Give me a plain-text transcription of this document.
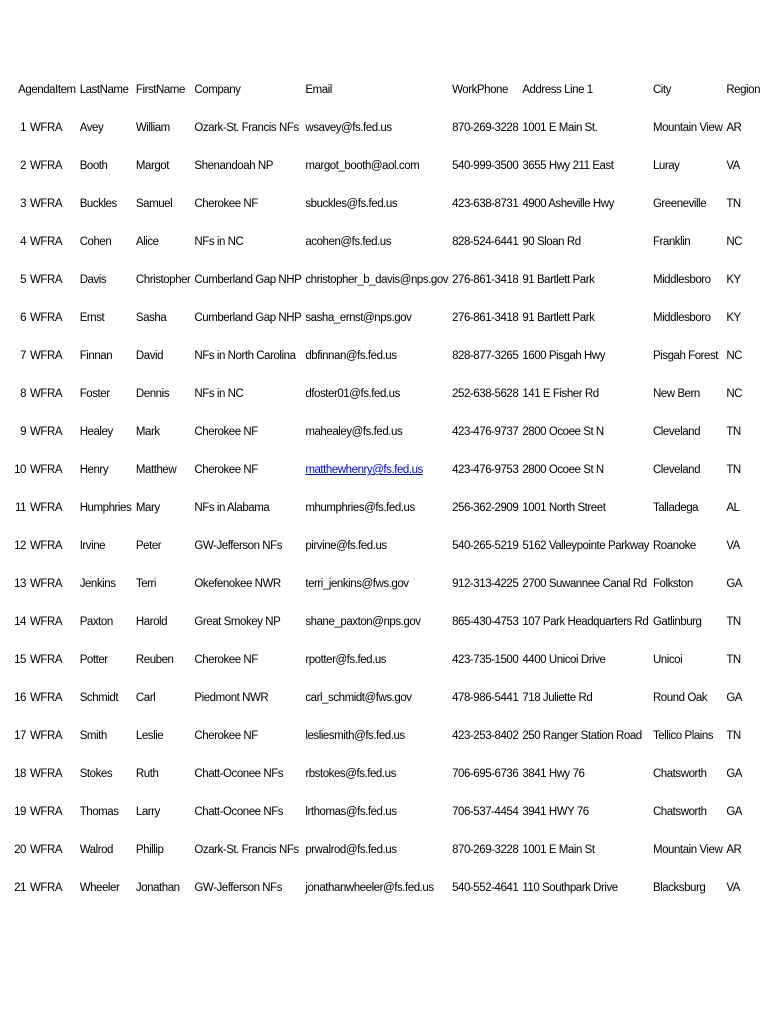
AgendaItem		LastName	FirstName	Company	Email	WorkPhone	Address Line 1	City	Region
1	WFRA	Avey	William	Ozark-St. Francis NFs	wsavey@fs.fed.us	870-269-3228	1001 E Main St.	Mountain View	AR
2	WFRA	Booth	Margot	Shenandoah NP	margot_booth@aol.com	540-999-3500	3655 Hwy 211 East	Luray	VA
3	WFRA	Buckles	Samuel	Cherokee NF	sbuckles@fs.fed.us	423-638-8731	4900 Asheville Hwy	Greeneville	TN
4	WFRA	Cohen	Alice	NFs in NC	acohen@fs.fed.us	828-524-6441	90 Sloan Rd	Franklin	NC
5	WFRA	Davis	Christopher	Cumberland Gap NHP	christopher_b_davis@nps.gov	276-861-3418	91 Bartlett Park	Middlesboro	KY
6	WFRA	Ernst	Sasha	Cumberland Gap NHP	sasha_ernst@nps.gov	276-861-3418	91 Bartlett Park	Middlesboro	KY
7	WFRA	Finnan	David	NFs in North Carolina	dbfinnan@fs.fed.us	828-877-3265	1600 Pisgah Hwy	Pisgah Forest	NC
8	WFRA	Foster	Dennis	NFs in NC	dfoster01@fs.fed.us	252-638-5628	141 E Fisher Rd	New Bern	NC
9	WFRA	Healey	Mark	Cherokee NF	mahealey@fs.fed.us	423-476-9737	2800 Ocoee St N	Cleveland	TN
10	WFRA	Henry	Matthew	Cherokee NF	matthewhenry@fs.fed.us	423-476-9753	2800 Ocoee St N	Cleveland	TN
11	WFRA	Humphries	Mary	NFs in Alabama	mhumphries@fs.fed.us	256-362-2909	1001 North Street	Talladega	AL
12	WFRA	Irvine	Peter	GW-Jefferson NFs	pirvine@fs.fed.us	540-265-5219	5162 Valleypointe Parkway	Roanoke	VA
13	WFRA	Jenkins	Terri	Okefenokee NWR	terri_jenkins@fws.gov	912-313-4225	2700 Suwannee Canal Rd	Folkston	GA
14	WFRA	Paxton	Harold	Great Smokey NP	shane_paxton@nps.gov	865-430-4753	107 Park Headquarters Rd	Gatlinburg	TN
15	WFRA	Potter	Reuben	Cherokee NF	rpotter@fs.fed.us	423-735-1500	4400 Unicoi Drive	Unicoi	TN
16	WFRA	Schmidt	Carl	Piedmont NWR	carl_schmidt@fws.gov	478-986-5441	718 Juliette Rd	Round Oak	GA
17	WFRA	Smith	Leslie	Cherokee NF	lesliesmith@fs.fed.us	423-253-8402	250 Ranger Station Road	Tellico Plains	TN
18	WFRA	Stokes	Ruth	Chatt-Oconee NFs	rbstokes@fs.fed.us	706-695-6736	3841 Hwy 76	Chatsworth	GA
19	WFRA	Thomas	Larry	Chatt-Oconee NFs	lrthomas@fs.fed.us	706-537-4454	3941 HWY 76	Chatsworth	GA
20	WFRA	Walrod	Phillip	Ozark-St. Francis NFs	prwalrod@fs.fed.us	870-269-3228	1001 E Main St	Mountain View	AR
21	WFRA	Wheeler	Jonathan	GW-Jefferson NFs	jonathanwheeler@fs.fed.us	540-552-4641	110 Southpark Drive	Blacksburg	VA
